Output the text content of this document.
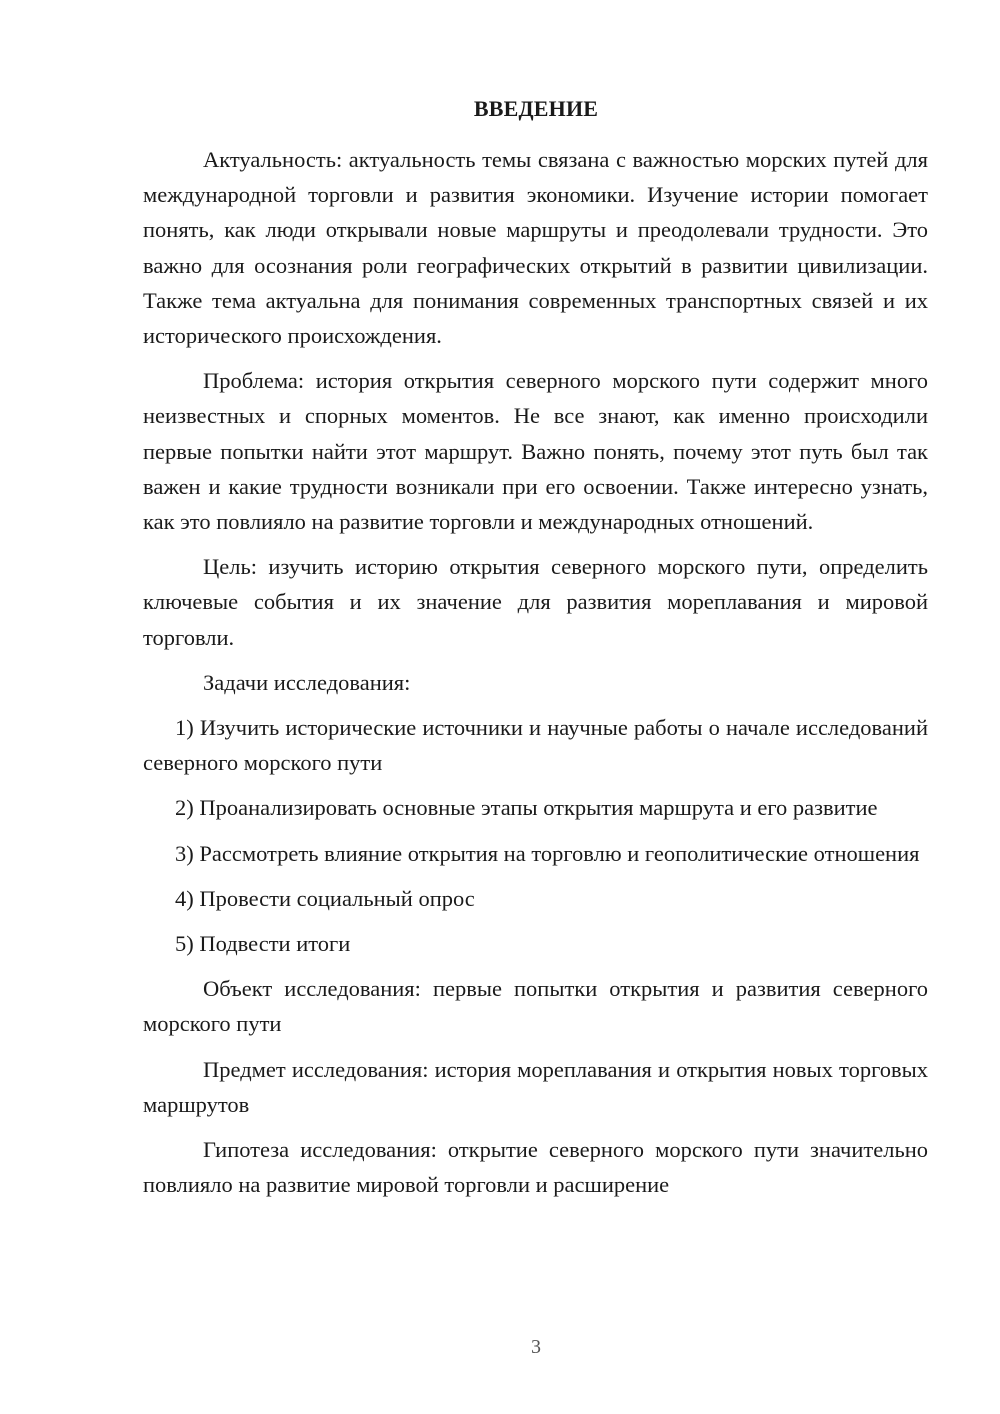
ВВЕДЕНИЕ

Актуальность: актуальность темы связана с важностью морских путей для международной торговли и развития экономики. Изучение истории помогает понять, как люди открывали новые маршруты и преодолевали трудности. Это важно для осознания роли географических открытий в развитии цивилизации. Также тема актуальна для понимания современных транспортных связей и их исторического происхождения.

Проблема: история открытия северного морского пути содержит много неизвестных и спорных моментов. Не все знают, как именно происходили первые попытки найти этот маршрут. Важно понять, почему этот путь был так важен и какие трудности возникали при его освоении. Также интересно узнать, как это повлияло на развитие торговли и международных отношений.

Цель: изучить историю открытия северного морского пути, определить ключевые события и их значение для развития мореплавания и мировой торговли.

Задачи исследования:

1) Изучить исторические источники и научные работы о начале исследований северного морского пути

2) Проанализировать основные этапы открытия маршрута и его развитие

3) Рассмотреть влияние открытия на торговлю и геополитические отношения

4) Провести социальный опрос

5) Подвести итоги

Объект исследования: первые попытки открытия и развития северного морского пути

Предмет исследования: история мореплавания и открытия новых торговых маршрутов

Гипотеза исследования: открытие северного морского пути значительно повлияло на развитие мировой торговли и расширение

3
